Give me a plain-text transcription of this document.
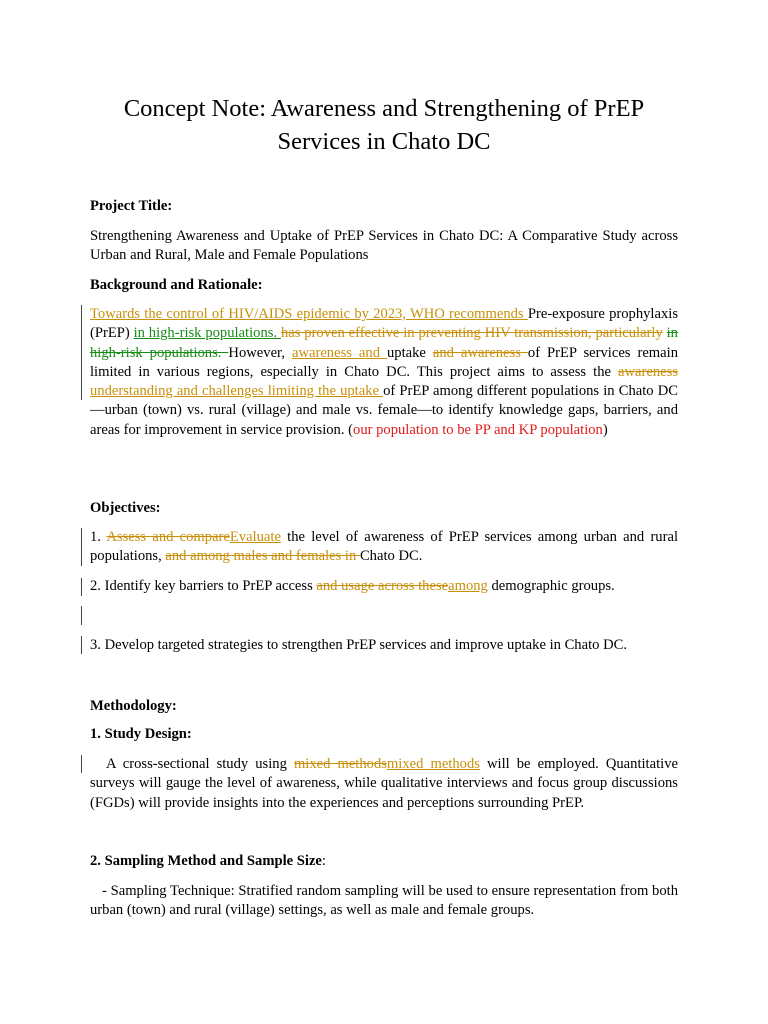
Concept Note: Awareness and Strengthening of PrEP
Services in Chato DC

Project Title:

Strengthening Awareness and Uptake of PrEP Services in Chato DC: A Comparative Study across Urban and Rural, Male and Female Populations

Background and Rationale:

Towards the control of HIV/AIDS epidemic by 2023, WHO recommends Pre-exposure prophylaxis (PrEP) in high-risk populations. has proven effective in preventing HIV transmission, particularly in high-risk populations. However, awareness and uptake and awareness of PrEP services remain limited in various regions, especially in Chato DC. This project aims to assess the awareness understanding and challenges limiting the uptake of PrEP among different populations in Chato DC—urban (town) vs. rural (village) and male vs. female—to identify knowledge gaps, barriers, and areas for improvement in service provision. (our population to be PP and KP population)

Objectives:

1. Assess and compareEvaluate the level of awareness of PrEP services among urban and rural populations, and among males and females in Chato DC.

2. Identify key barriers to PrEP access and usage across theseamong demographic groups.

3. Develop targeted strategies to strengthen PrEP services and improve uptake in Chato DC.

Methodology:

1. Study Design:

A cross-sectional study using mixed methodsmixed methods will be employed. Quantitative surveys will gauge the level of awareness, while qualitative interviews and focus group discussions (FGDs) will provide insights into the experiences and perceptions surrounding PrEP.

2. Sampling Method and Sample Size:

- Sampling Technique: Stratified random sampling will be used to ensure representation from both urban (town) and rural (village) settings, as well as male and female groups.
